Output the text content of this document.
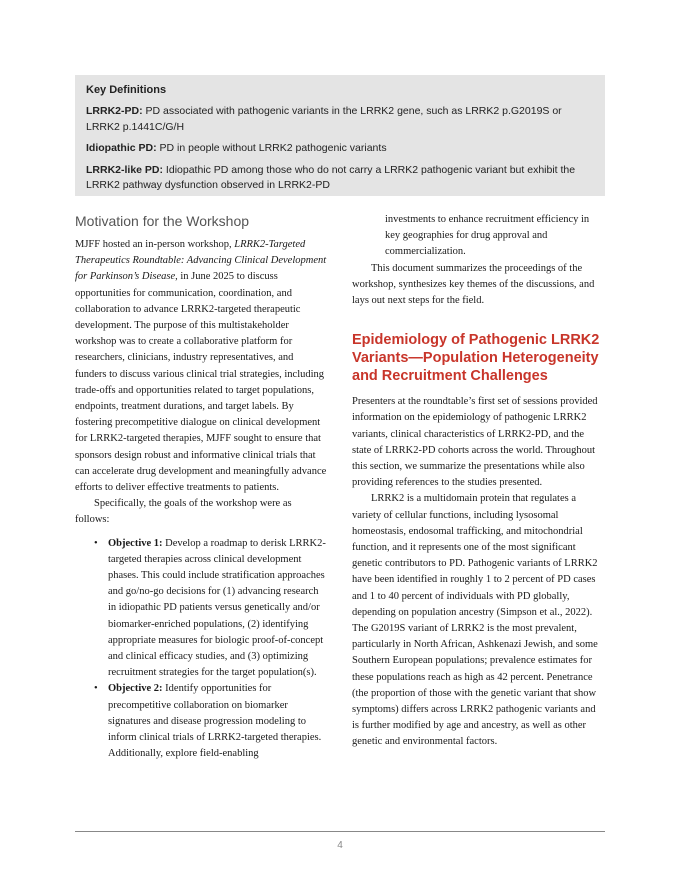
Key Definitions

LRRK2-PD: PD associated with pathogenic variants in the LRRK2 gene, such as LRRK2 p.G2019S or LRRK2 p.1441C/G/H

Idiopathic PD: PD in people without LRRK2 pathogenic variants

LRRK2-like PD: Idiopathic PD among those who do not carry a LRRK2 pathogenic variant but exhibit the LRRK2 pathway dysfunction observed in LRRK2-PD

Motivation for the Workshop

MJFF hosted an in-person workshop, LRRK2-Targeted Therapeutics Roundtable: Advancing Clinical Development for Parkinson’s Disease, in June 2025 to discuss opportunities for communication, coordination, and collaboration to advance LRRK2-targeted therapeutic development. The purpose of this multistakeholder workshop was to create a collaborative platform for researchers, clinicians, industry representatives, and funders to discuss various clinical trial strategies, including trade-offs and opportunities related to target populations, endpoints, treatment durations, and target labels. By fostering precompetitive dialogue on clinical development for LRRK2-targeted therapies, MJFF sought to ensure that sponsors design robust and informative clinical trials that can accelerate drug development and meaningfully advance efforts to deliver effective treatments to patients.

Specifically, the goals of the workshop were as follows:

• Objective 1: Develop a roadmap to derisk LRRK2-targeted therapies across clinical development phases. This could include stratification approaches and go/no-go decisions for (1) advancing research in idiopathic PD patients versus genetically and/or biomarker-enriched populations, (2) identifying appropriate measures for biologic proof-of-concept and clinical efficacy studies, and (3) optimizing recruitment strategies for the target population(s).
• Objective 2: Identify opportunities for precompetitive collaboration on biomarker signatures and disease progression modeling to inform clinical trials of LRRK2-targeted therapies. Additionally, explore field-enabling

investments to enhance recruitment efficiency in key geographies for drug approval and commercialization.

This document summarizes the proceedings of the workshop, synthesizes key themes of the discussions, and lays out next steps for the field.

Epidemiology of Pathogenic LRRK2 Variants—Population Heterogeneity and Recruitment Challenges

Presenters at the roundtable’s first set of sessions provided information on the epidemiology of pathogenic LRRK2 variants, clinical characteristics of LRRK2-PD, and the state of LRRK2-PD cohorts across the world. Throughout this section, we summarize the presentations while also providing references to the studies presented.

LRRK2 is a multidomain protein that regulates a variety of cellular functions, including lysosomal homeostasis, endosomal trafficking, and mitochondrial function, and it represents one of the most significant genetic contributors to PD. Pathogenic variants of LRRK2 have been identified in roughly 1 to 2 percent of PD cases and 1 to 40 percent of individuals with PD globally, depending on population ancestry (Simpson et al., 2022). The G2019S variant of LRRK2 is the most prevalent, particularly in North African, Ashkenazi Jewish, and some Southern European populations; prevalence estimates for these populations reach as high as 42 percent. Penetrance (the proportion of those with the genetic variant that show symptoms) differs across LRRK2 pathogenic variants and is further modified by age and ancestry, as well as other genetic and environmental factors.

4
